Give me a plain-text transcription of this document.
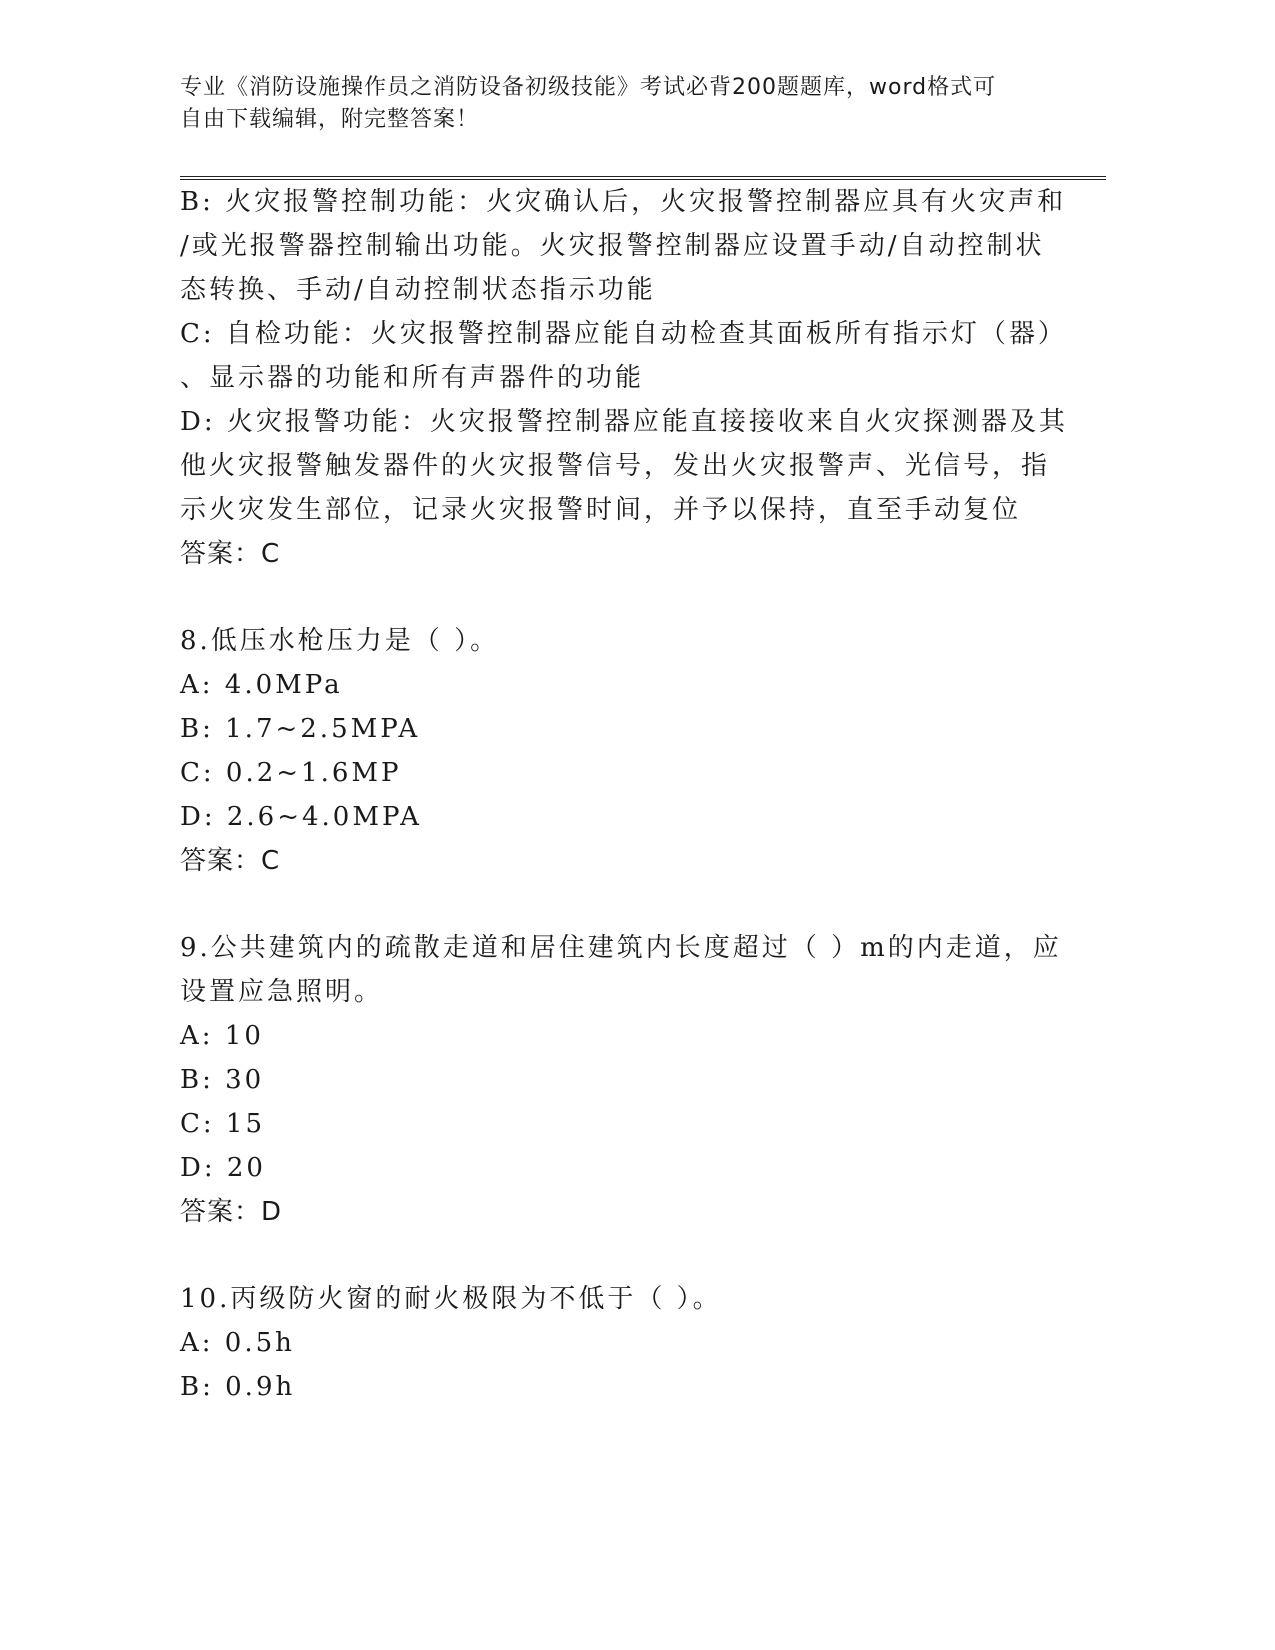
专业《消防设施操作员之消防设备初级技能》考试必背200题题库，word格式可
自由下载编辑，附完整答案！
B: 火灾报警控制功能：火灾确认后，火灾报警控制器应具有火灾声和
/或光报警器控制输出功能。火灾报警控制器应设置手动/自动控制状
态转换、手动/自动控制状态指示功能
C: 自检功能：火灾报警控制器应能自动检查其面板所有指示灯（器）
、显示器的功能和所有声器件的功能
D: 火灾报警功能：火灾报警控制器应能直接接收来自火灾探测器及其
他火灾报警触发器件的火灾报警信号，发出火灾报警声、光信号，指
示火灾发生部位，记录火灾报警时间，并予以保持，直至手动复位
答案：C
8.低压水枪压力是（ ）。
A: 4.0MPa
B: 1.7~2.5MPA
C: 0.2~1.6MP
D: 2.6~4.0MPA
答案：C
9.公共建筑内的疏散走道和居住建筑内长度超过（ ）m的内走道，应
设置应急照明。
A: 10
B: 30
C: 15
D: 20
答案：D
10.丙级防火窗的耐火极限为不低于（ ）。
A: 0.5h
B: 0.9h
